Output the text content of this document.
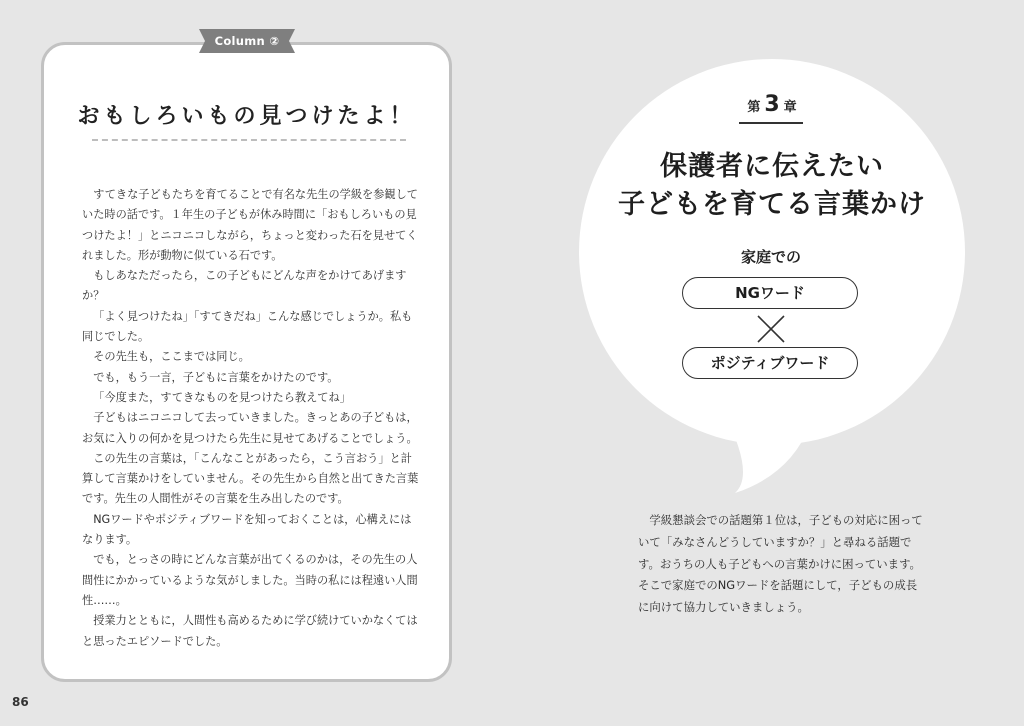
Column ②
おもしろいもの見つけたよ！

すてきな子どもたちを育てることで有名な先生の学級を参観していた時の話です。１年生の子どもが休み時間に「おもしろいもの見つけたよ！」とニコニコしながら，ちょっと変わった石を見せてくれました。形が動物に似ている石です。

もしあなただったら，この子どもにどんな声をかけてあげますか？

「よく見つけたね」「すてきだね」こんな感じでしょうか。私も同じでした。

その先生も，ここまでは同じ。

でも，もう一言，子どもに言葉をかけたのです。

「今度また，すてきなものを見つけたら教えてね」

子どもはニコニコして去っていきました。きっとあの子どもは，お気に入りの何かを見つけたら先生に見せてあげることでしょう。

この先生の言葉は，「こんなことがあったら，こう言おう」と計算して言葉かけをしていません。その先生から自然と出てきた言葉です。先生の人間性がその言葉を生み出したのです。

NGワードやポジティブワードを知っておくことは，心構えにはなります。

でも，とっさの時にどんな言葉が出てくるのかは，その先生の人間性にかかっているような気がしました。当時の私には程遠い人間性……。

授業力とともに，人間性も高めるために学び続けていかなくてはと思ったエピソードでした。

86
第 3 章
保護者に伝えたい
子どもを育てる言葉かけ
家庭での
NGワード
ポジティブワード

学級懇談会での話題第１位は，子どもの対応に困っていて「みなさんどうしていますか？」と尋ねる話題です。おうちの人も子どもへの言葉かけに困っています。そこで家庭でのNGワードを話題にして，子どもの成長に向けて協力していきましょう。
